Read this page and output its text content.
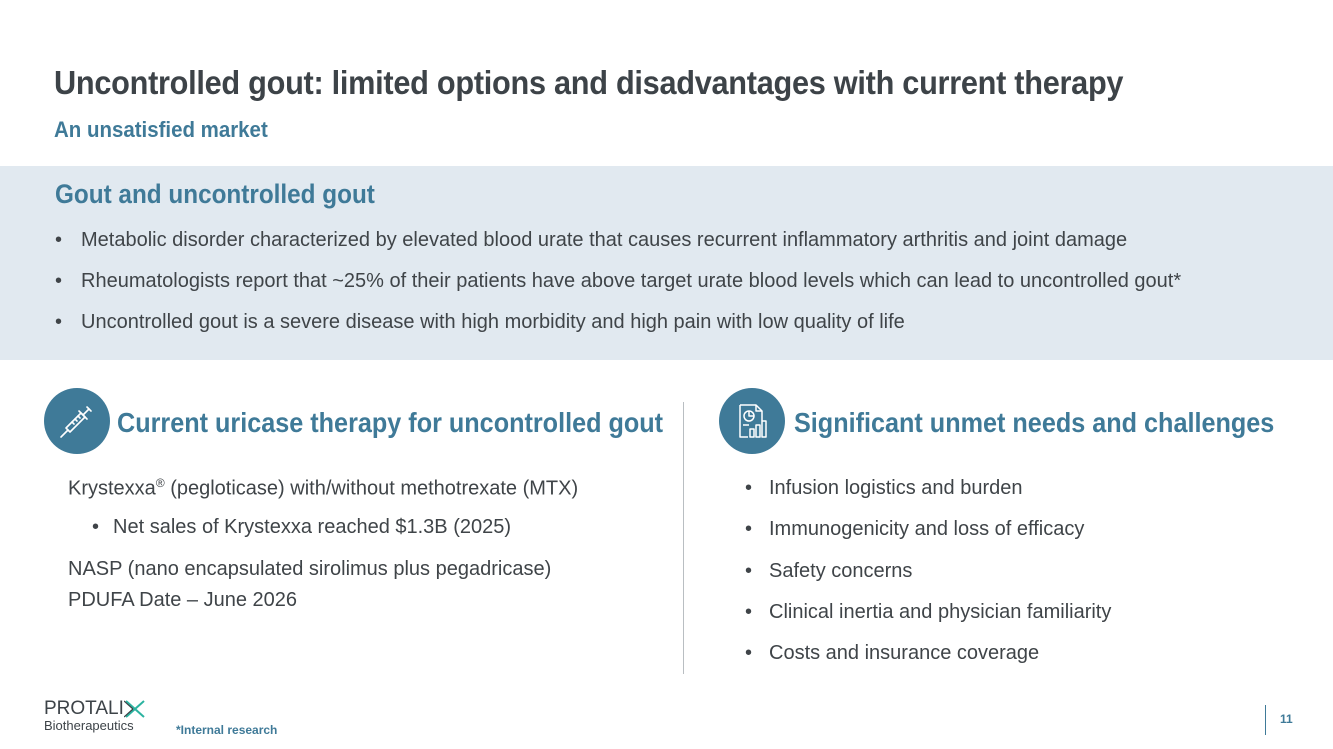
Uncontrolled gout: limited options and disadvantages with current therapy
An unsatisfied market
Gout and uncontrolled gout
• Metabolic disorder characterized by elevated blood urate that causes recurrent inflammatory arthritis and joint damage
• Rheumatologists report that ~25% of their patients have above target urate blood levels which can lead to uncontrolled gout*
• Uncontrolled gout is a severe disease with high morbidity and high pain with low quality of life
Current uricase therapy for uncontrolled gout
Krystexxa® (pegloticase) with/without methotrexate (MTX)
• Net sales of Krystexxa reached $1.3B (2025)
NASP (nano encapsulated sirolimus plus pegadricase)
PDUFA Date – June 2026
Significant unmet needs and challenges
• Infusion logistics and burden
• Immunogenicity and loss of efficacy
• Safety concerns
• Clinical inertia and physician familiarity
• Costs and insurance coverage
PROTALI
Biotherapeutics	*Internal research
11
